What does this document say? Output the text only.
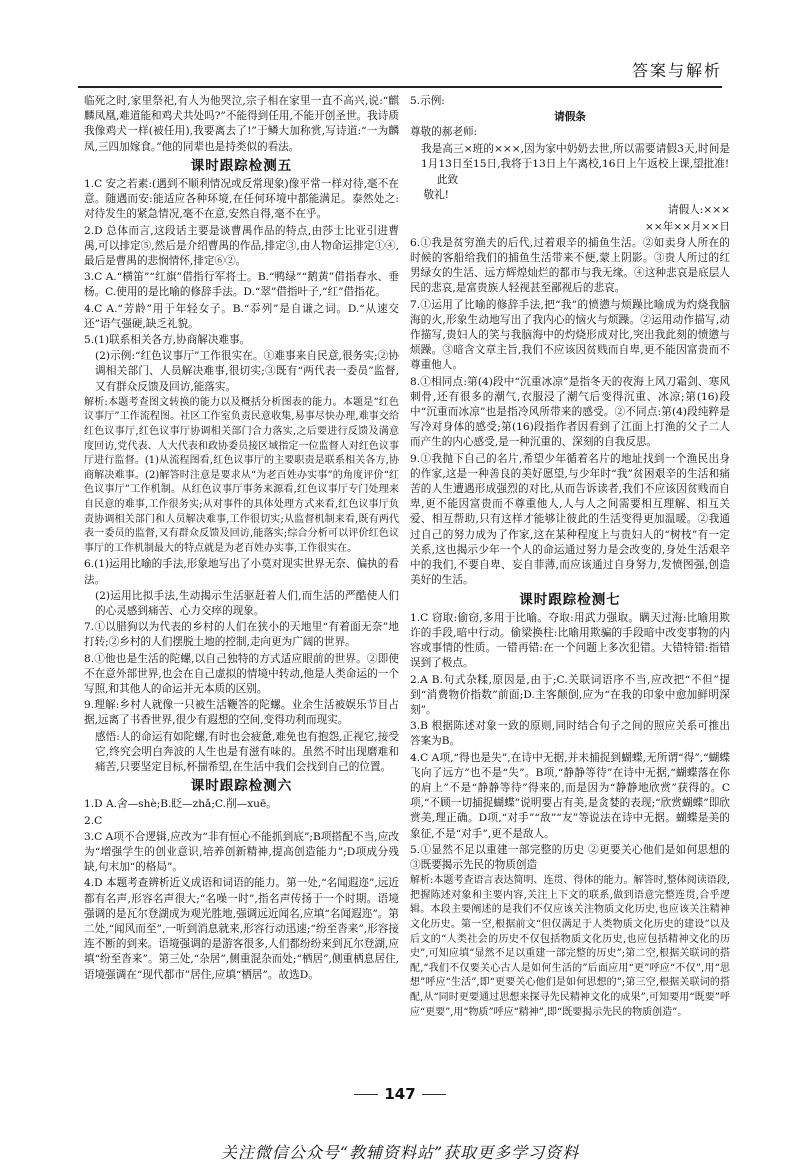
答案与解析
临死之时,家里祭祀,有人为他哭泣,宗子相在家里一直不高兴,说:“麒麟凤凰,难道能和鸡犬共处吗?”不能得到任用,不能开创圣世。我诗质我像鸡犬一样(被任用),我要离去了!”于鳞大加称赏,写诗道:“一为麟凤,三四加嫁食。”他的同辈也是持类似的看法。
课时跟踪检测五
1.C 安之若素:(遇到不顺利情况或反常现象)像平常一样对待,毫不在意。随遇而安:能适应各种环境,在任何环境中都能满足。泰然处之:对待发生的紧急情况,毫不在意,安然自得,毫不在乎。
2.D 总体而言,这段话主要是谈曹禺作品的特点,由莎士比亚引进曹禺,可以排定⑤,然后是介绍曹禺的作品,排定③,由人物命运排定①④,最后是曹禺的悲悯情怀,排定⑥②。
3.C A.“横笛”“红旗”借指行军将士。B.“鸭绿”“鹅黄”借指春水、垂杨。C.使用的是比喻的修辞手法。D.“翠”借指叶子,“红”借指花。
4.C A.“芳龄”用于年轻女子。B.“忝列”是自谦之词。D.“从速交还”语气强硬,缺乏礼貌。
5.(1)联系相关各方,协商解决难事。
(2)示例:“红色议事厅”工作很实在。①难事来自民意,很务实;②协调相关部门、人员解决难事,很切实;③既有“两代表一委员”监督,又有群众反馈及回访,能落实。
解析:本题考查图文转换的能力以及概括分析图表的能力。本题是“红色议事厅”工作流程图。社区工作室负责民意收集,易事尽快办理,难事交给红色议事厅,红色议事厅协调相关部门合力落实,之后要进行反馈及满意度回访,党代表、人大代表和政协委员接区域指定一位监督人对红色议事厅进行监督。(1)从流程图看,红色议事厅的主要职责是联系相关各方,协商解决难事。(2)解答时注意是要求从“为老百姓办实事”的角度评价“红色议事厅”工作机制。从红色议事厅事务来源看,红色议事厅专门处理来自民意的难事,工作很务实;从对事件的具体处理方式来看,红色议事厅负责协调相关部门和人员解决难事,工作很切实;从监督机制来看,既有两代表一委员的监督,又有群众反馈及回访,能落实;综合分析可以评价红色议事厅的工作机制最大的特点就是为老百姓办实事,工作很实在。
6.(1)运用比喻的手法,形象地写出了小莫对现实世界无奈、偏执的看法。
(2)运用比拟手法,生动揭示生活驱赶着人们,而生活的严酷使人们的心灵感到痛苦、心力交瘁的现象。
7.①以腊狗以为代表的乡村的人们在狭小的天地里“有着面无奈”地打转;②乡村的人们摆脱土地的控制,走向更为广阔的世界。
8.①他也是生活的陀螺,以自己独特的方式适应眼前的世界。②即使不在意外部世界,也会在自己虚拟的情境中转动,他是人类命运的一个写照,和其他人的命运并无本质的区别。
9.理解:乡村人就像一只被生活鞭答的陀螺。业余生活被娱乐节目占据,远离了书香世界,很少有遐想的空间,变得功利而现实。
感悟:人的命运有如陀螺,有时也会疲惫,难免也有抱怨,正视它,接受它,终究会明白奔波的人生也是有滋有味的。虽然不时出现磨难和痛苦,只要坚定目标,杯揣希望,在生活中我们会找到自己的位置。
课时跟踪检测六
1.D A.舍—shè;B.眨—zhǎ;C.削—xuē。
2.C
3.C A项不合逻辑,应改为“非有恒心不能抓到底”;B项搭配不当,应改为“增强学生的创业意识,培养创新精神,提高创造能力”;D项成分残缺,句末加“的格局”。
4.D 本题考查辨析近义成语和词语的能力。第一处,“名闻遐迩”,远近都有名声,形容名声很大;“名噪一时”,指名声传扬于一个时期。语境强调的是瓦尔登湖成为观光胜地,强调远近闻名,应填“名闻遐迩”。第二处,“闻风而至”,一听到消息就来,形容行动迅速;“纷至沓来”,形容接连不断的到来。语境强调的是游客很多,人们都纷纷来到瓦尔登湖,应填“纷至沓来”。第三处,“杂居”,侧重混杂而处;“栖居”,侧重栖息居住,语境强调在“现代都市”居住,应填“栖居”。故选D。
5.示例:
请假条
尊敬的郝老师:
我是高三×班的×××,因为家中奶奶去世,所以需要请假3天,时间是1月13日至15日,我将于13日上午离校,16日上午返校上课,望批准!
此致
敬礼!
请假人:×××
××年××月××日
6.①我是贫穷渔夫的后代,过着艰辛的捕鱼生活。②如卖身人所在的时候的客船给我们的捕鱼生活带来不便,蒙上阴影。③贵人所过的红男绿女的生活、远方辉煌灿烂的都市与我无缘。④这种悲哀是底层人民的悲哀,是富贵族人轻视甚至鄙视后的悲哀。
7.①运用了比喻的修辞手法,把“我”的愤懑与烦躁比喻成为灼烧我脑海的火,形象生动地写出了我内心的恼火与烦躁。②运用动作描写,动作描写,贵妇人的笑与我脑海中的灼烧形成对比,突出我此刻的愤懑与烦躁。③暗含文章主旨,我们不应该因贫贱而自卑,更不能因富贵而不尊重他人。
8.①相同点:第(4)段中“沉重冰凉”是指冬天的夜海上风刀霜剑、寒风刺骨,还有很多的潮气,衣服浸了潮气后变得沉重、冰凉;第(16)段中“沉重而冰凉”也是指冷风所带来的感受。②不同点:第(4)段纯粹是写冷对身体的感受;第(16)段指作者因看到了江面上打渔的父子二人而产生的内心感受,是一种沉重的、深刻的自我反思。
9.①我抛下自己的名片,希望少年循着名片的地址找到一个渔民出身的作家,这是一种善良的美好愿望,与少年时“我”贫困艰辛的生活和痛苦的人生遭遇形成强烈的对比,从而告诉读者,我们不应该因贫贱而自卑,更不能因富贵而不尊重他人,人与人之间需要相互理解、相互关爱、相互帮助,只有这样才能够让彼此的生活变得更加温暖。②我通过自己的努力成为了作家,这在某种程度上与贵妇人的“树枝”有一定关系,这也揭示少年一个人的命运通过努力是会改变的,身处生活艰辛中的我们,不要自卑、妄自菲薄,而应该通过自身努力,发愤图强,创造美好的生活。
课时跟踪检测七
1.C 窃取:偷窃,多用于比喻。夺取:用武力强取。瞒天过海:比喻用欺诈的手段,暗中行动。偷梁换柱:比喻用欺骗的手段暗中改变事物的内容或事情的性质。一错再错:在一个问题上多次犯错。大错特错:指错误到了极点。
2.A B.句式杂糅,原因是,由于;C.关联词语序不当,应改把“不但”提到“消费物价指数”前面;D.主客颠倒,应为“在我的印象中愈加鲜明深刻”。
3.B 根据陈述对象一致的原则,同时结合句子之间的照应关系可推出答案为B。
4.C A项,“得也是失”,在诗中无据,并未捕捉到蝴蝶,无所谓“得”,“蝴蝶飞向了远方”也不是“失”。B项,“静静等待”在诗中无据,“蝴蝶落在你的肩上”不是“静静等待”得来的,而是因为“静静地欣赏”获得的。C项,“不顾一切捕捉蝴蝶”说明要占有美,是贪婪的表现;“欣赏蝴蝶”即欣赏美,理正确。D项,“对手”“敌”“友”等说法在诗中无据。蝴蝶是美的象征,不是“对手”,更不是敌人。
5.①显然不足以重建一部完整的历史 ②更要关心他们是如何思想的 ③既要揭示先民的物质创造
解析:本题考查语言表达简明、连贯、得体的能力。解答时,整体阅读语段,把握陈述对象和主要内容,关注上下文的联系,做到语意完整连贯,合乎逻辑。本段主要阐述的是我们不仅应该关注物质文化历史,也应该关注精神文化历史。第一空,根据前文“但仅满足于人类物质文化历史的建设”以及后文的“人类社会的历史不仅包括物质文化历史,也应包括精神文化的历史”,可知应填“显然不足以重建一部完整的历史”;第二空,根据关联词的搭配,“我们不仅要关心古人是如何生活的”后面应用“更”呼应“不仅”,用“思想”呼应“生活”,即“更要关心他们是如何思想的”;第三空,根据关联词的搭配,从“同时更要通过思想来探寻先民精神文化的成果”,可知要用“既要”呼应“更要”,用“物质”呼应“精神”,即“既要揭示先民的物质创造”。
147
关注微信公众号“教辅资料站”获取更多学习资料
